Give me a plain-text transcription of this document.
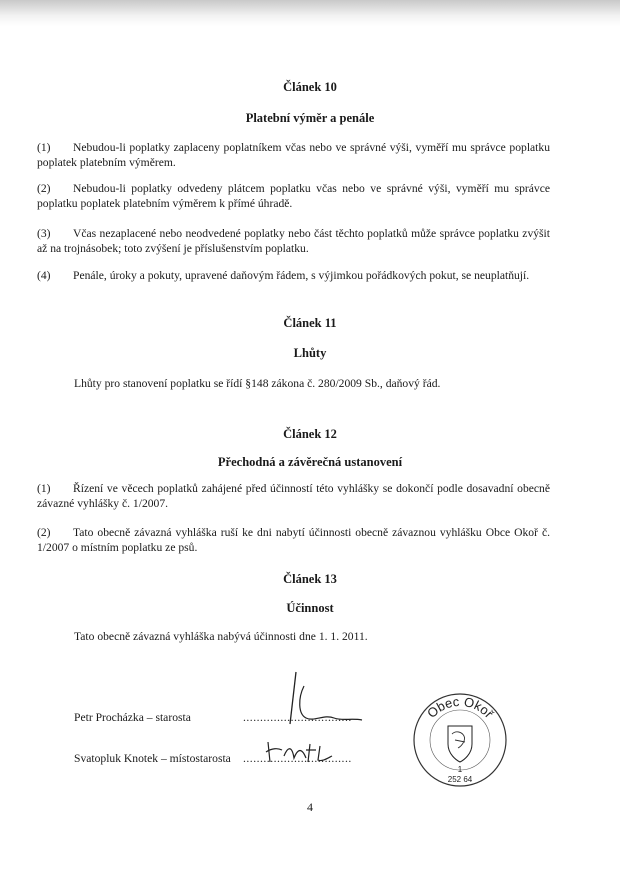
Článek 10
Platební výměr a penále
(1) Nebudou-li poplatky zaplaceny poplatníkem včas nebo ve správné výši, vyměří mu správce poplatku poplatek platebním výměrem.
(2) Nebudou-li poplatky odvedeny plátcem poplatku včas nebo ve správné výši, vyměří mu správce poplatku poplatek platebním výměrem k přímé úhradě.
(3) Včas nezaplacené nebo neodvedené poplatky nebo část těchto poplatků může správce poplatku zvýšit až na trojnásobek; toto zvýšení je příslušenstvím poplatku.
(4) Penále, úroky a pokuty, upravené daňovým řádem, s výjimkou pořádkových pokut, se neuplatňují.
Článek 11
Lhůty
Lhůty pro stanovení poplatku se řídí §148 zákona č. 280/2009 Sb., daňový řád.
Článek 12
Přechodná a závěrečná ustanovení
(1) Řízení ve věcech poplatků zahájené před účinností této vyhlášky se dokončí podle dosavadní obecně závazné vyhlášky č. 1/2007.
(2) Tato obecně závazná vyhláška ruší ke dni nabytí účinnosti obecně závaznou vyhlášku Obce Okoř č. 1/2007 o místním poplatku ze psů.
Článek 13
Účinnost
Tato obecně závazná vyhláška nabývá účinnosti dne 1. 1. 2011.
Petr Procházka – starosta	................................
Svatopluk Knotek – místostarosta ................................
Obec Okoř
1
252 64
4
